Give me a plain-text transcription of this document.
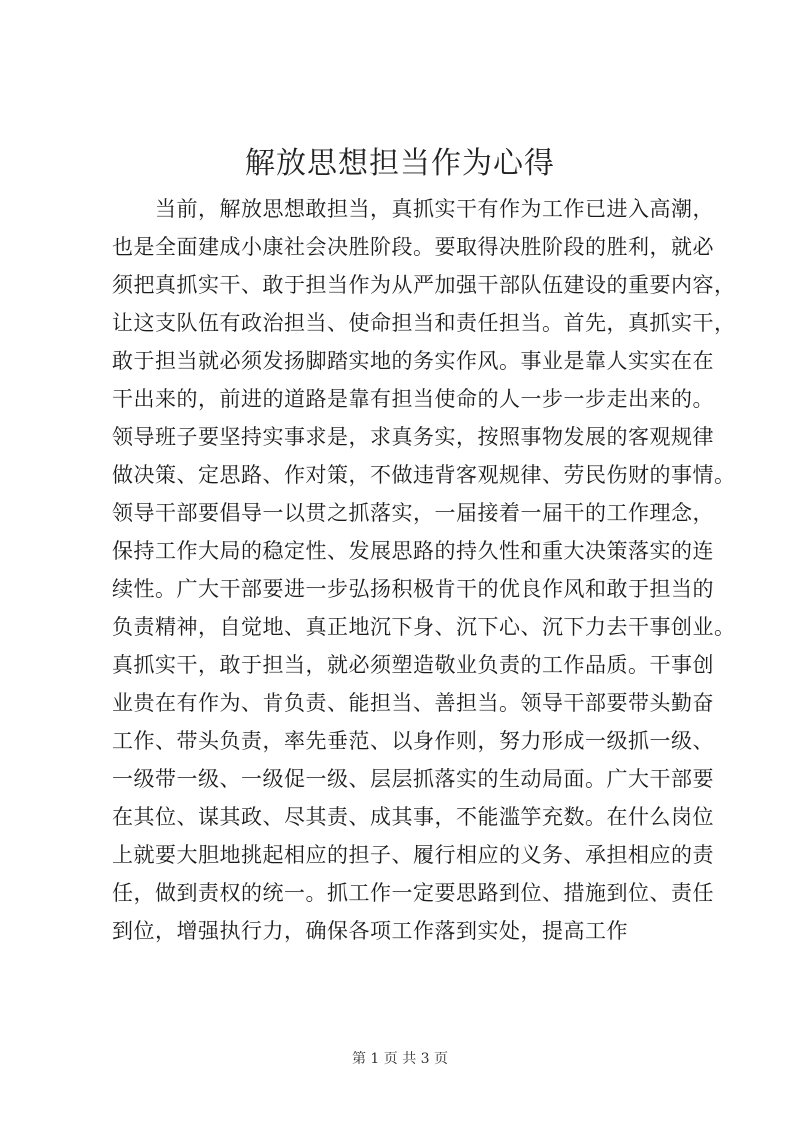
解放思想担当作为心得
　　当前，解放思想敢担当，真抓实干有作为工作已进入高潮，
也是全面建成小康社会决胜阶段。要取得决胜阶段的胜利，就必
须把真抓实干、敢于担当作为从严加强干部队伍建设的重要内容，
让这支队伍有政治担当、使命担当和责任担当。首先，真抓实干，
敢于担当就必须发扬脚踏实地的务实作风。事业是靠人实实在在
干出来的，前进的道路是靠有担当使命的人一步一步走出来的。
领导班子要坚持实事求是，求真务实，按照事物发展的客观规律
做决策、定思路、作对策，不做违背客观规律、劳民伤财的事情。
领导干部要倡导一以贯之抓落实，一届接着一届干的工作理念，
保持工作大局的稳定性、发展思路的持久性和重大决策落实的连
续性。广大干部要进一步弘扬积极肯干的优良作风和敢于担当的
负责精神，自觉地、真正地沉下身、沉下心、沉下力去干事创业。
真抓实干，敢于担当，就必须塑造敬业负责的工作品质。干事创
业贵在有作为、肯负责、能担当、善担当。领导干部要带头勤奋
工作、带头负责，率先垂范、以身作则，努力形成一级抓一级、
一级带一级、一级促一级、层层抓落实的生动局面。广大干部要
在其位、谋其政、尽其责、成其事，不能滥竽充数。在什么岗位
上就要大胆地挑起相应的担子、履行相应的义务、承担相应的责
任，做到责权的统一。抓工作一定要思路到位、措施到位、责任
到位，增强执行力，确保各项工作落到实处，提高工作
第 1 页 共 3 页
